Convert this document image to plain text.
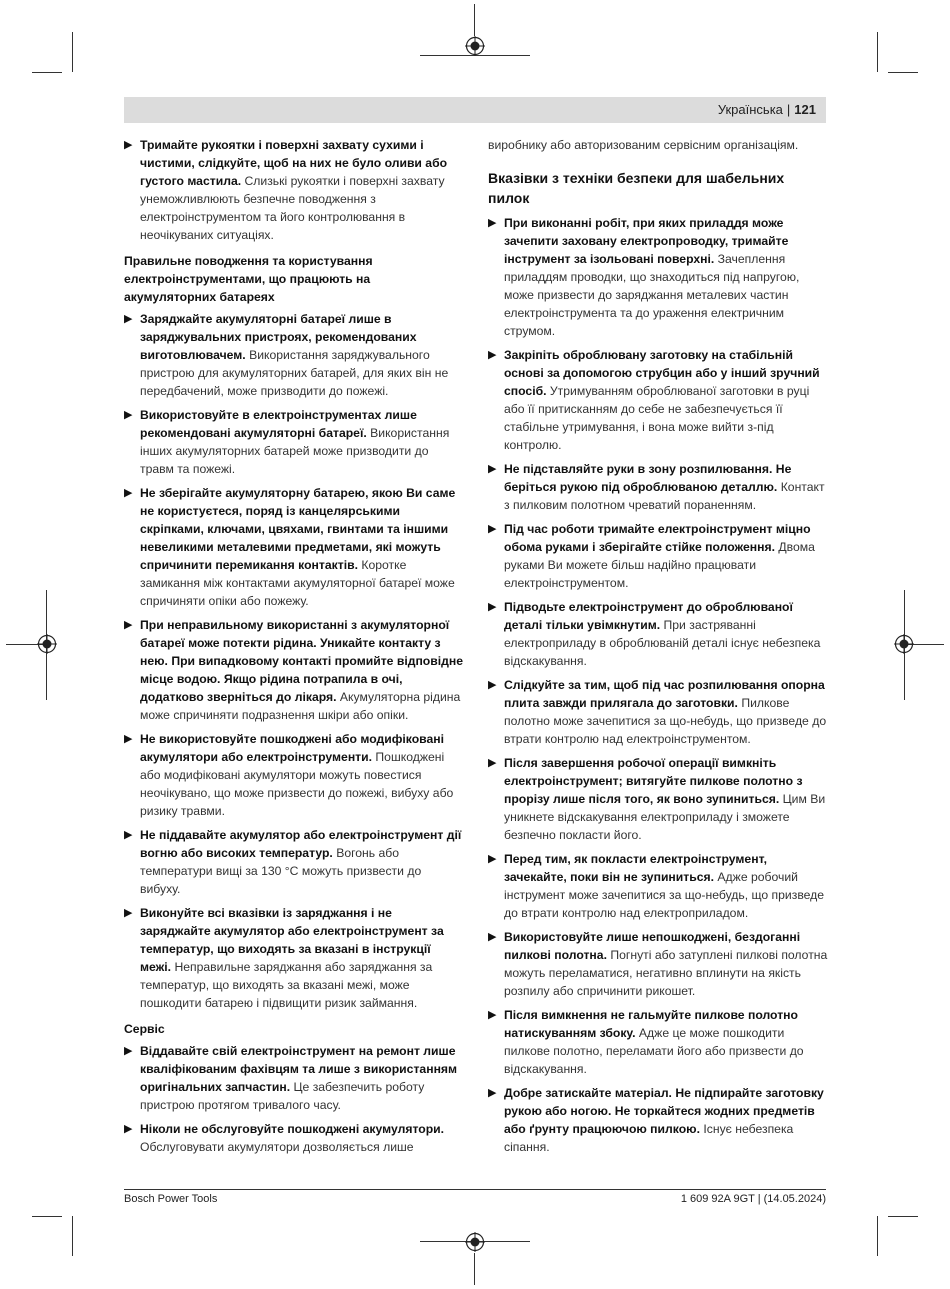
Українська | 121

▶ Тримайте рукоятки і поверхні захвату сухими і чистими, слідкуйте, щоб на них не було оливи або густого мастила. Слизькі рукоятки і поверхні захвату унеможливлюють безпечне поводження з електроінструментом та його контролювання в неочікуваних ситуаціях.

Правильне поводження та користування електроінструментами, що працюють на акумуляторних батареях

▶ Заряджайте акумуляторні батареї лише в заряджувальних пристроях, рекомендованих виготовлювачем. Використання заряджувального пристрою для акумуляторних батарей, для яких він не передбачений, може призводити до пожежі.

▶ Використовуйте в електроінструментах лише рекомендовані акумуляторні батареї. Використання інших акумуляторних батарей може призводити до травм та пожежі.

▶ Не зберігайте акумуляторну батарею, якою Ви саме не користуєтеся, поряд із канцелярськими скріпками, ключами, цвяхами, гвинтами та іншими невеликими металевими предметами, які можуть спричинити перемикання контактів. Коротке замикання між контактами акумуляторної батареї може спричиняти опіки або пожежу.

▶ При неправильному використанні з акумуляторної батареї може потекти рідина. Уникайте контакту з нею. При випадковому контакті промийте відповідне місце водою. Якщо рідина потрапила в очі, додатково зверніться до лікаря. Акумуляторна рідина може спричиняти подразнення шкіри або опіки.

▶ Не використовуйте пошкоджені або модифіковані акумулятори або електроінструменти. Пошкоджені або модифіковані акумулятори можуть повестися неочікувано, що може призвести до пожежі, вибуху або ризику травми.

▶ Не піддавайте акумулятор або електроінструмент дії вогню або високих температур. Вогонь або температури вищі за 130 °C можуть призвести до вибуху.

▶ Виконуйте всі вказівки із заряджання і не заряджайте акумулятор або електроінструмент за температур, що виходять за вказані в інструкції межі. Неправильне заряджання або заряджання за температур, що виходять за вказані межі, може пошкодити батарею і підвищити ризик займання.

Сервіс

▶ Віддавайте свій електроінструмент на ремонт лише кваліфікованим фахівцям та лише з використанням оригінальних запчастин. Це забезпечить роботу пристрою протягом тривалого часу.

▶ Ніколи не обслуговуйте пошкоджені акумулятори. Обслуговувати акумулятори дозволяється лише

виробнику або авторизованим сервісним організаціям.

Вказівки з техніки безпеки для шабельних пилок

▶ При виконанні робіт, при яких приладдя може зачепити заховану електропроводку, тримайте інструмент за ізольовані поверхні. Зачеплення приладдям проводки, що знаходиться під напругою, може призвести до заряджання металевих частин електроінструмента та до ураження електричним струмом.

▶ Закріпіть оброблювану заготовку на стабільній основі за допомогою струбцин або у інший зручний спосіб. Утримуванням оброблюваної заготовки в руці або її притисканням до себе не забезпечується її стабільне утримування, і вона може вийти з-під контролю.

▶ Не підставляйте руки в зону розпилювання. Не беріться рукою під оброблюваною деталлю. Контакт з пилковим полотном чреватий пораненням.

▶ Під час роботи тримайте електроінструмент міцно обома руками і зберігайте стійке положення. Двома руками Ви можете більш надійно працювати електроінструментом.

▶ Підводьте електроінструмент до оброблюваної деталі тільки увімкнутим. При застряванні електроприладу в оброблюваній деталі існує небезпека відскакування.

▶ Слідкуйте за тим, щоб під час розпилювання опорна плита завжди прилягала до заготовки. Пилкове полотно може зачепитися за що-небудь, що призведе до втрати контролю над електроінструментом.

▶ Після завершення робочої операції вимкніть електроінструмент; витягуйте пилкове полотно з прорізу лише після того, як воно зупиниться. Цим Ви уникнете відскакування електроприладу і зможете безпечно покласти його.

▶ Перед тим, як покласти електроінструмент, зачекайте, поки він не зупиниться. Адже робочий інструмент може зачепитися за що-небудь, що призведе до втрати контролю над електроприладом.

▶ Використовуйте лише непошкоджені, бездоганні пилкові полотна. Погнуті або затуплені пилкові полотна можуть переламатися, негативно вплинути на якість розпилу або спричинити рикошет.

▶ Після вимкнення не гальмуйте пилкове полотно натискуванням збоку. Адже це може пошкодити пилкове полотно, переламати його або призвести до відскакування.

▶ Добре затискайте матеріал. Не підпирайте заготовку рукою або ногою. Не торкайтеся жодних предметів або ґрунту працюючою пилкою. Існує небезпека сіпання.

Bosch Power Tools	1 609 92A 9GT | (14.05.2024)
